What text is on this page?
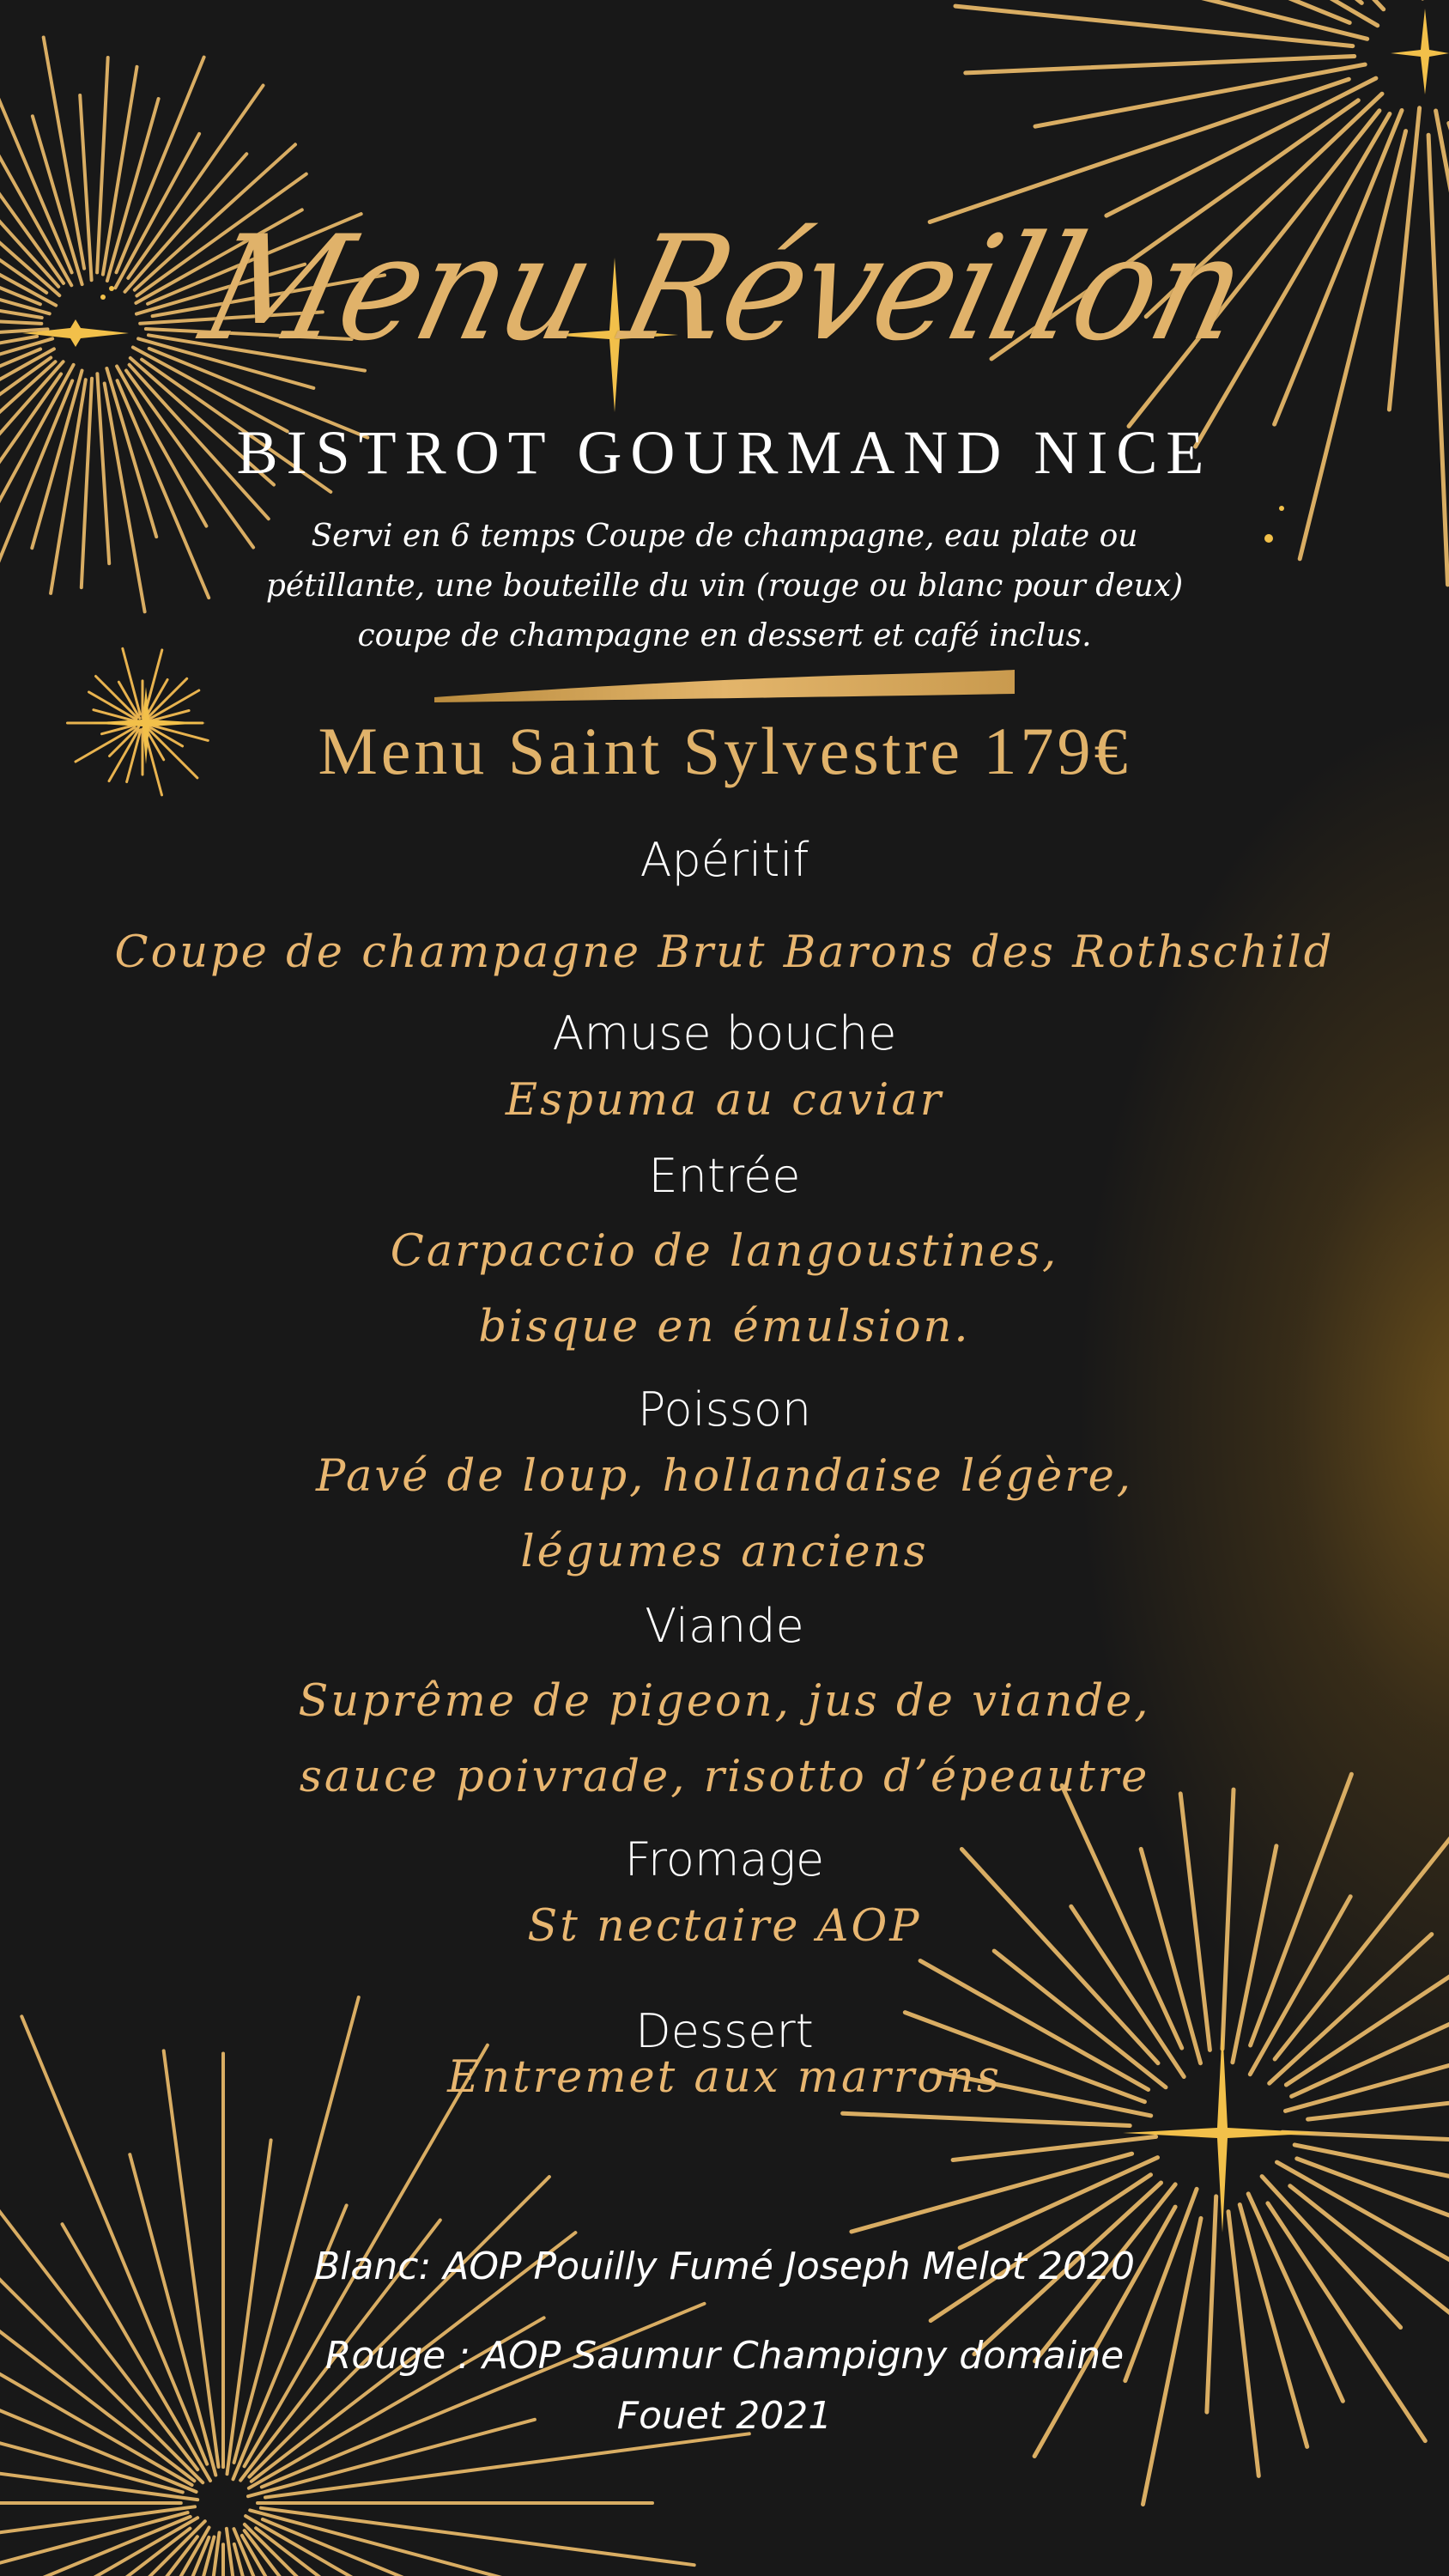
Menu Réveillon
BISTROT GOURMAND NICE
Servi en 6 temps Coupe de champagne, eau plate ou
pétillante, une bouteille du vin (rouge ou blanc pour deux)
coupe de champagne en dessert et café inclus.
Menu Saint Sylvestre 179€
Apéritif
Coupe de champagne Brut Barons des Rothschild
Amuse bouche
Espuma au caviar
Entrée
Carpaccio de langoustines,
bisque en émulsion.
Poisson
Pavé de loup, hollandaise légère,
légumes anciens
Viande
Suprême de pigeon, jus de viande,
sauce poivrade, risotto d’épeautre
Fromage
St nectaire AOP
Dessert
Entremet aux marrons
Blanc: AOP Pouilly Fumé Joseph Melot 2020
Rouge : AOP Saumur Champigny domaine
Fouet 2021
